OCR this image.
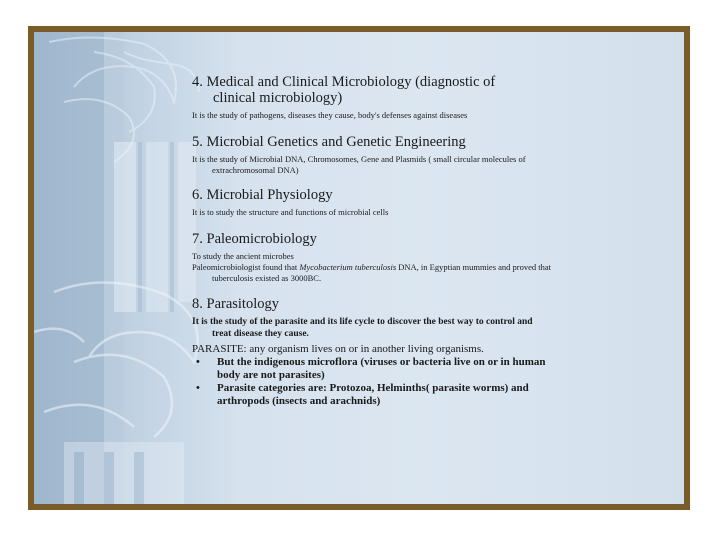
4. Medical and Clinical Microbiology (diagnostic of
clinical microbiology)

It is the study of pathogens, diseases they cause, body's defenses against diseases

5. Microbial Genetics and Genetic Engineering

It is the study of Microbial DNA, Chromosomes, Gene and Plasmids ( small circular molecules of
extrachromosomal DNA)

6. Microbial Physiology

It is to study the structure and functions of microbial cells

7. Paleomicrobiology

To study the ancient microbes
Paleomicrobiologist found that Mycobacterium tuberculosis DNA, in Egyptian mummies and proved that
tuberculosis existed as 3000BC.

8. Parasitology

It is the study of the parasite and its life cycle to discover the best way to control and
treat disease they cause.

PARASITE: any organism lives on or in another living organisms.

• But the indigenous microflora (viruses or bacteria live on or in human
body are not parasites)
• Parasite categories are: Protozoa, Helminths( parasite worms) and
arthropods (insects and arachnids)
